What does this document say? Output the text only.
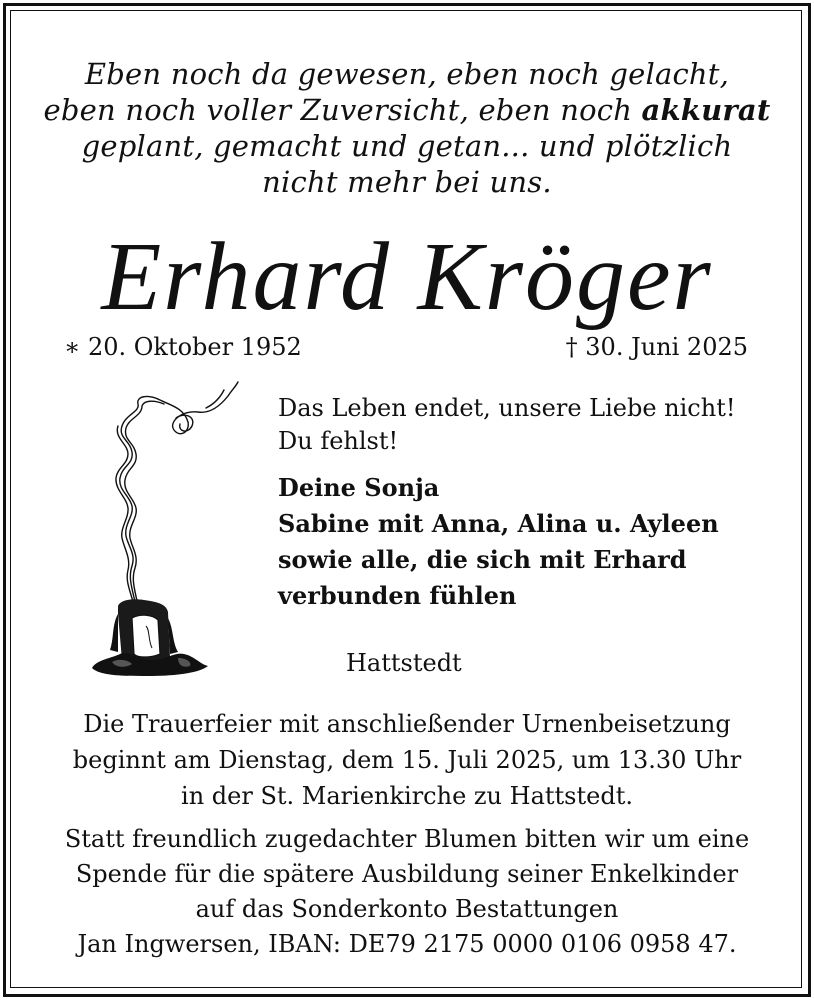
Eben noch da gewesen, eben noch gelacht,
eben noch voller Zuversicht, eben noch akkurat
geplant, gemacht und getan... und plötzlich
nicht mehr bei uns.
Erhard Kröger
∗ 20. Oktober 1952	† 30. Juni 2025
Das Leben endet, unsere Liebe nicht!
Du fehlst!
Deine Sonja
Sabine mit Anna, Alina u. Ayleen
sowie alle, die sich mit Erhard
verbunden fühlen
Hattstedt
Die Trauerfeier mit anschließender Urnenbeisetzung
beginnt am Dienstag, dem 15. Juli 2025, um 13.30 Uhr
in der St. Marienkirche zu Hattstedt.
Statt freundlich zugedachter Blumen bitten wir um eine
Spende für die spätere Ausbildung seiner Enkelkinder
auf das Sonderkonto Bestattungen
Jan Ingwersen, IBAN: DE79 2175 0000 0106 0958 47.
